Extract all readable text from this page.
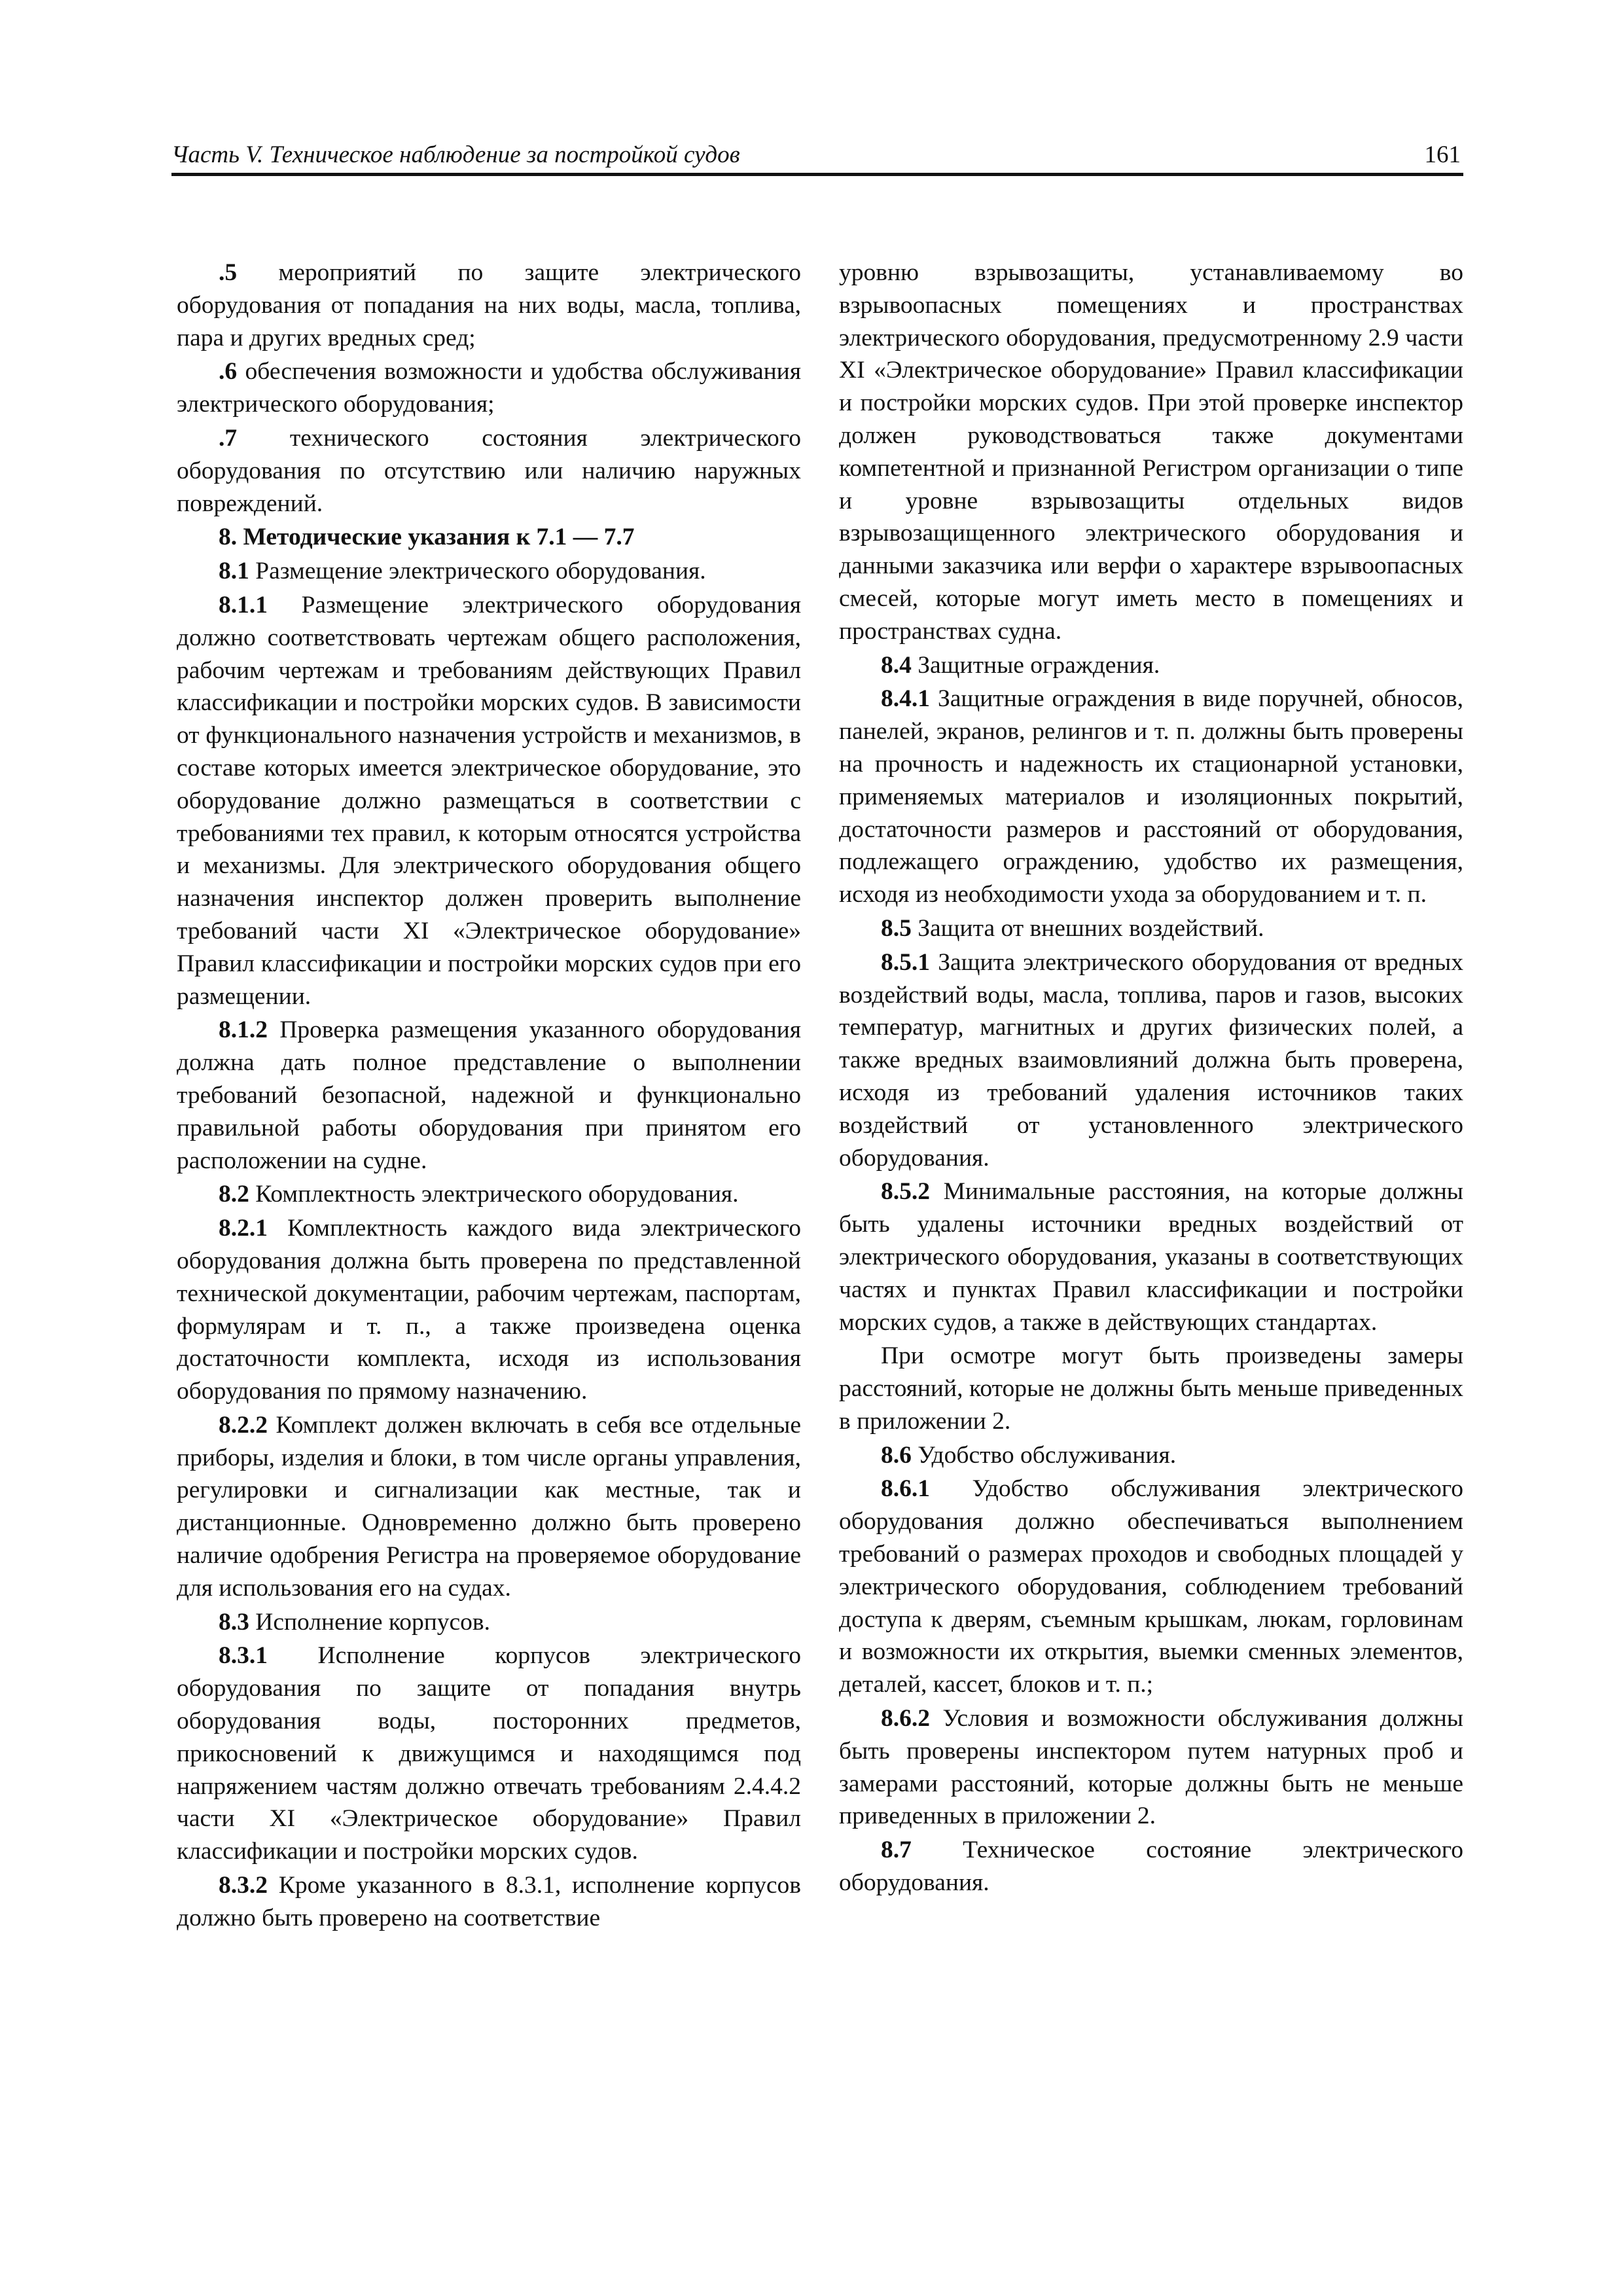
Часть V. Техническое наблюдение за постройкой судов	161

.5 мероприятий по защите электрического оборудования от попадания на них воды, масла, топлива, пара и других вредных сред;

.6 обеспечения возможности и удобства обслуживания электрического оборудования;

.7 технического состояния электрического оборудования по отсутствию или наличию наружных повреждений.

8. Методические указания к 7.1 — 7.7

8.1 Размещение электрического оборудования.

8.1.1 Размещение электрического оборудования должно соответствовать чертежам общего расположения, рабочим чертежам и требованиям действующих Правил классификации и постройки морских судов. В зависимости от функционального назначения устройств и механизмов, в составе которых имеется электрическое оборудование, это оборудование должно размещаться в соответствии с требованиями тех правил, к которым относятся устройства и механизмы. Для электрического оборудования общего назначения инспектор должен проверить выполнение требований части XI «Электрическое оборудование» Правил классификации и постройки морских судов при его размещении.

8.1.2 Проверка размещения указанного оборудования должна дать полное представление о выполнении требований безопасной, надежной и функционально правильной работы оборудования при принятом его расположении на судне.

8.2 Комплектность электрического оборудования.

8.2.1 Комплектность каждого вида электрического оборудования должна быть проверена по представленной технической документации, рабочим чертежам, паспортам, формулярам и т. п., а также произведена оценка достаточности комплекта, исходя из использования оборудования по прямому назначению.

8.2.2 Комплект должен включать в себя все отдельные приборы, изделия и блоки, в том числе органы управления, регулировки и сигнализации как местные, так и дистанционные. Одновременно должно быть проверено наличие одобрения Регистра на проверяемое оборудование для использования его на судах.

8.3 Исполнение корпусов.

8.3.1 Исполнение корпусов электрического оборудования по защите от попадания внутрь оборудования воды, посторонних предметов, прикосновений к движущимся и находящимся под напряжением частям должно отвечать требованиям 2.4.4.2 части XI «Электрическое оборудование» Правил классификации и постройки морских судов.

8.3.2 Кроме указанного в 8.3.1, исполнение корпусов должно быть проверено на соответствие

уровню взрывозащиты, устанавливаемому во взрывоопасных помещениях и пространствах электрического оборудования, предусмотренному 2.9 части XI «Электрическое оборудование» Правил классификации и постройки морских судов. При этой проверке инспектор должен руководствоваться также документами компетентной и признанной Регистром организации о типе и уровне взрывозащиты отдельных видов взрывозащищенного электрического оборудования и данными заказчика или верфи о характере взрывоопасных смесей, которые могут иметь место в помещениях и пространствах судна.

8.4 Защитные ограждения.

8.4.1 Защитные ограждения в виде поручней, обносов, панелей, экранов, релингов и т. п. должны быть проверены на прочность и надежность их стационарной установки, применяемых материалов и изоляционных покрытий, достаточности размеров и расстояний от оборудования, подлежащего ограждению, удобство их размещения, исходя из необходимости ухода за оборудованием и т. п.

8.5 Защита от внешних воздействий.

8.5.1 Защита электрического оборудования от вредных воздействий воды, масла, топлива, паров и газов, высоких температур, магнитных и других физических полей, а также вредных взаимовлияний должна быть проверена, исходя из требований удаления источников таких воздействий от установленного электрического оборудования.

8.5.2 Минимальные расстояния, на которые должны быть удалены источники вредных воздействий от электрического оборудования, указаны в соответствующих частях и пунктах Правил классификации и постройки морских судов, а также в действующих стандартах.

При осмотре могут быть произведены замеры расстояний, которые не должны быть меньше приведенных в приложении 2.

8.6 Удобство обслуживания.

8.6.1 Удобство обслуживания электрического оборудования должно обеспечиваться выполнением требований о размерах проходов и свободных площадей у электрического оборудования, соблюдением требований доступа к дверям, съемным крышкам, люкам, горловинам и возможности их открытия, выемки сменных элементов, деталей, кассет, блоков и т. п.;

8.6.2 Условия и возможности обслуживания должны быть проверены инспектором путем натурных проб и замерами расстояний, которые должны быть не меньше приведенных в приложении 2.

8.7 Техническое состояние электрического оборудования.
